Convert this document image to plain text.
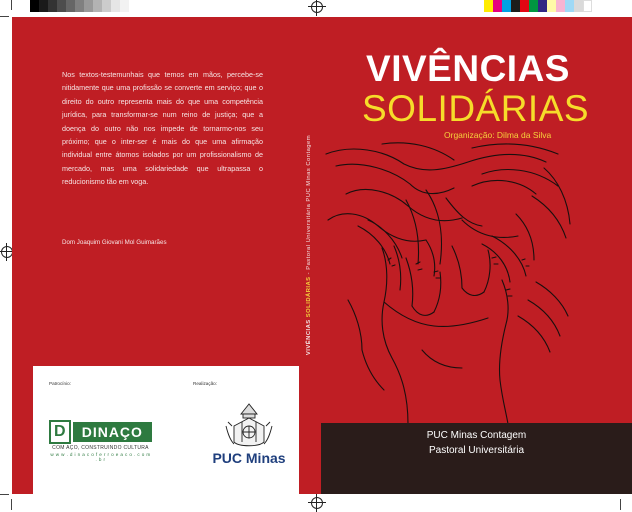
Nos textos-testemunhais que temos em mãos, percebe-se nitidamente que uma profissão se converte em serviço; que o direito do outro representa mais do que uma competência jurídica, para transformar-se num reino de justiça; que a doença do outro não nos impede de tornarmo-nos seu próximo; que o inter-ser é mais do que uma afirmação individual entre átomos isolados por um profissionalismo de mercado, mas uma solidariedade que ultrapassa o reducionismo tão em voga.
Dom Joaquim Giovani Mol Guimarães
VIVÊNCIAS SOLIDÁRIAS - Pastoral Universitária PUC Minas Contagem
VIVÊNCIAS
SOLIDÁRIAS
Organização: Dilma da Silva
Patrocínio:	Realização:
D	DINAÇO
COM AÇO, CONSTRUINDO CULTURA
w w w . d i n a c o f e r r o e a c o . c o m . b r	PUC Minas
PUC Minas Contagem
Pastoral Universitária
